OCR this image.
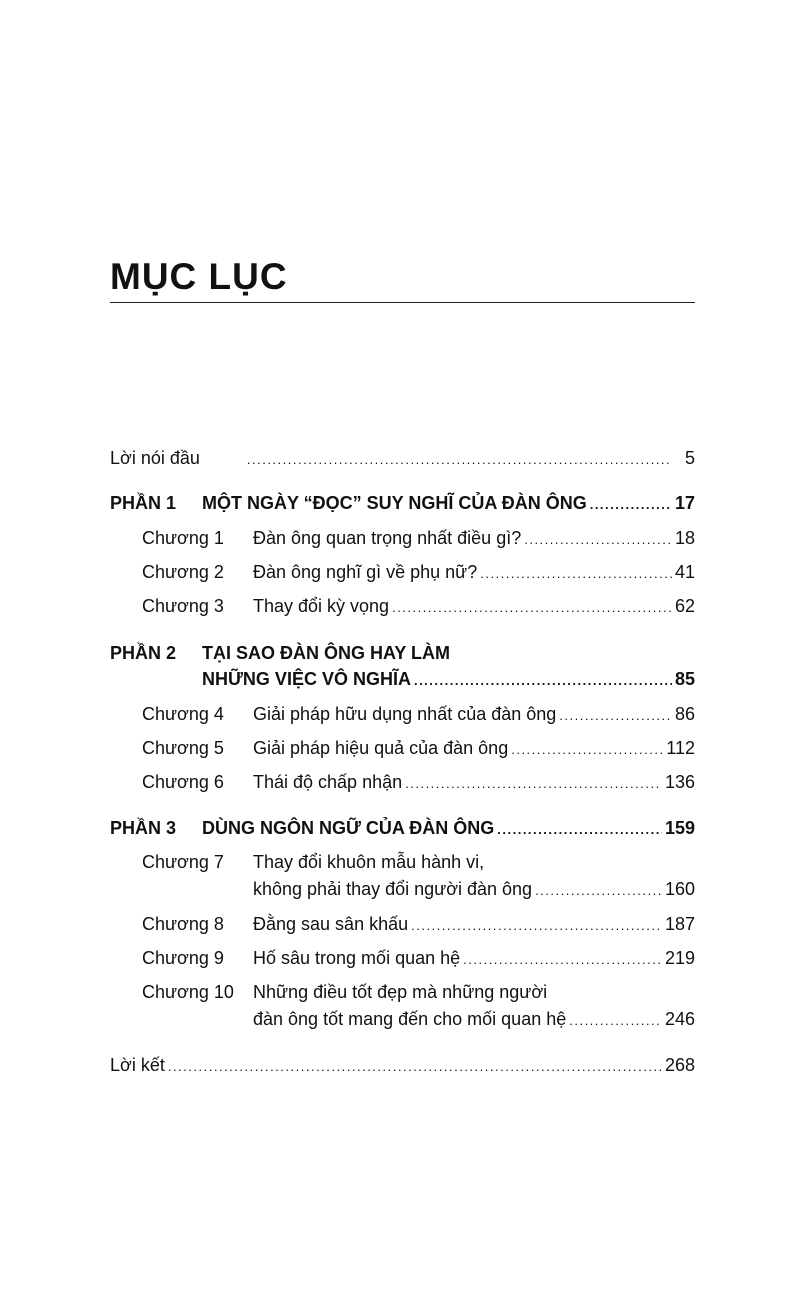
MỤC LỤC
Lời nói đầu .....	5
PHẦN 1	MỘT NGÀY “ĐỌC” SUY NGHĨ CỦA ĐÀN ÔNG .....	17
Chương 1	Đàn ông quan trọng nhất điều gì? .....	18
Chương 2	Đàn ông nghĩ gì về phụ nữ? .....	41
Chương 3	Thay đổi kỳ vọng .....	62
PHẦN 2 TẠI SAO ĐÀN ÔNG HAY LÀM
NHỮNG VIỆC VÔ NGHĨA .....	85
Chương 4	Giải pháp hữu dụng nhất của đàn ông .....	86
Chương 5	Giải pháp hiệu quả của đàn ông .....	112
Chương 6	Thái độ chấp nhận .....	136
PHẦN 3	DÙNG NGÔN NGỮ CỦA ĐÀN ÔNG .....	159
Chương 7 Thay đổi khuôn mẫu hành vi,
không phải thay đổi người đàn ông .....	160
Chương 8	Đằng sau sân khấu .....	187
Chương 9	Hố sâu trong mối quan hệ .....	219
Chương 10 Những điều tốt đẹp mà những người
đàn ông tốt mang đến cho mối quan hệ .....	246
Lời kết .....	268
